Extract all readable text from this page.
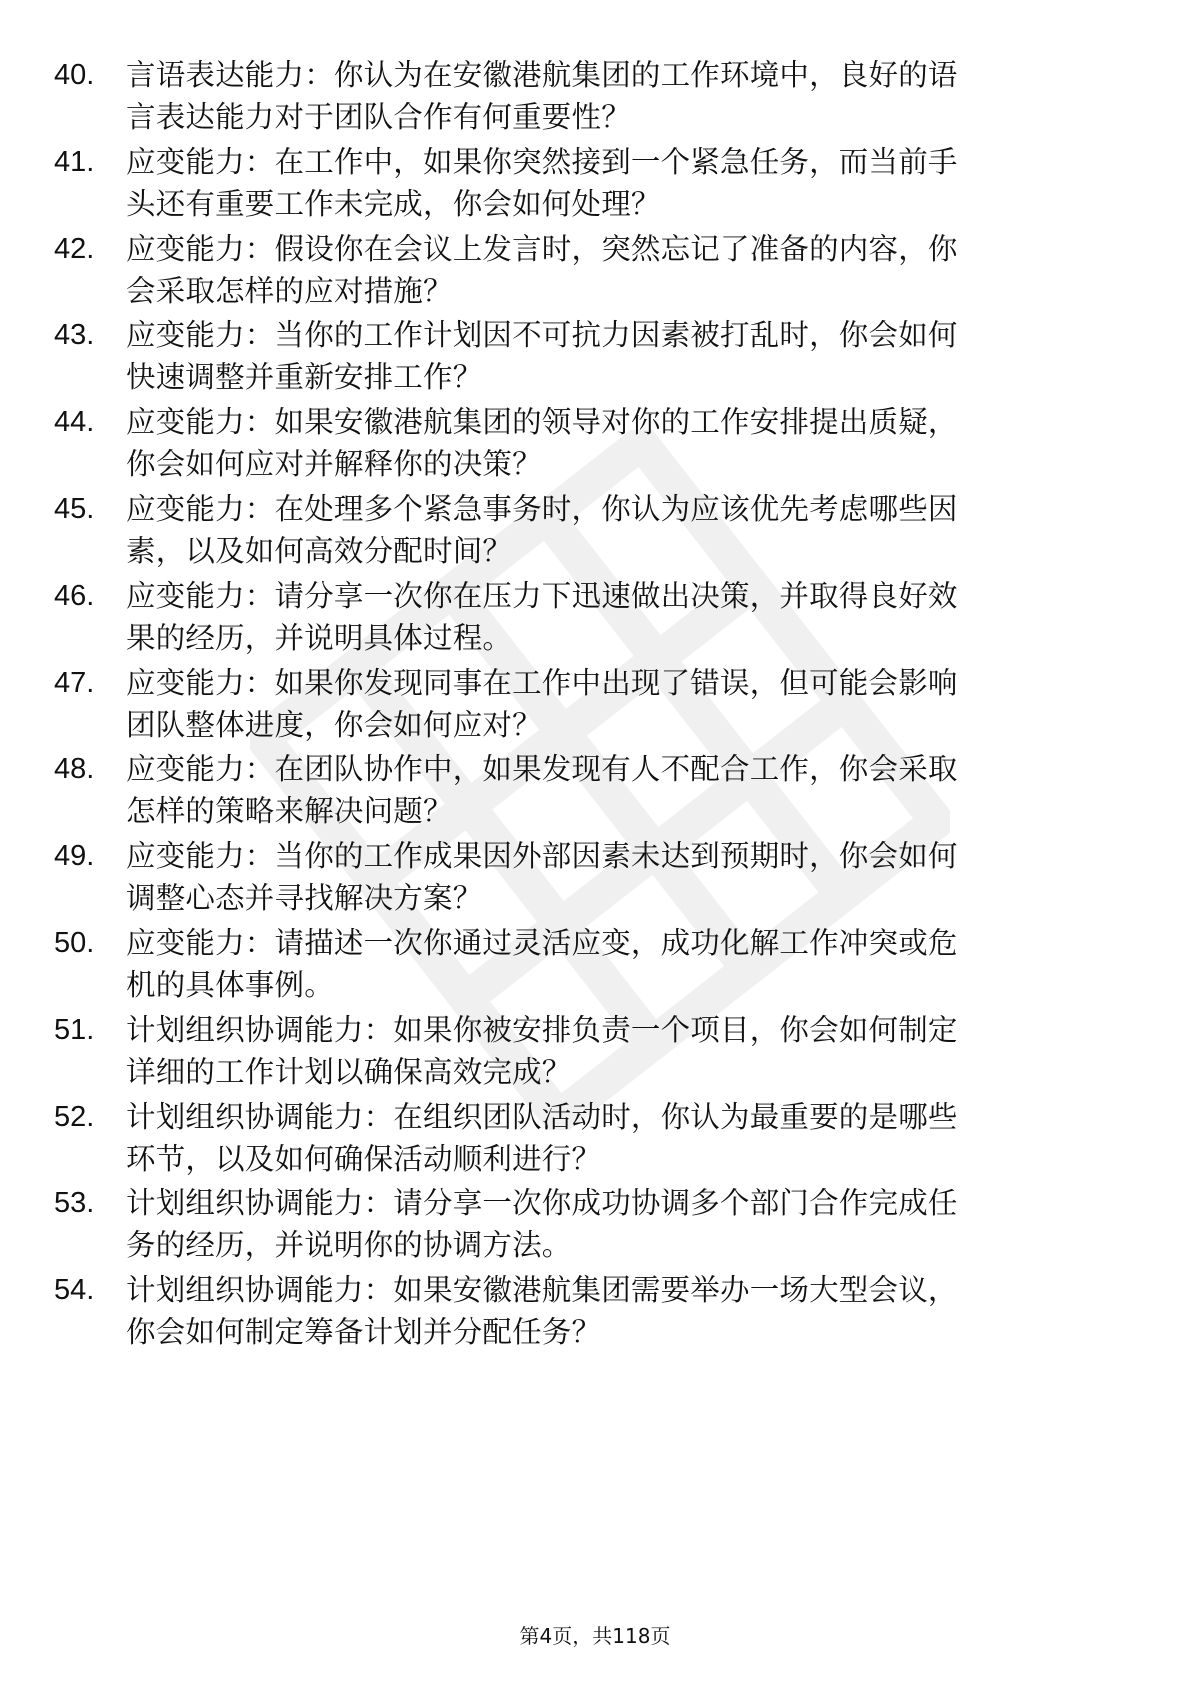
40.	言语表达能力：你认为在安徽港航集团的工作环境中，良好的语
言表达能力对于团队合作有何重要性？
41.	应变能力：在工作中，如果你突然接到一个紧急任务，而当前手
头还有重要工作未完成，你会如何处理？
42.	应变能力：假设你在会议上发言时，突然忘记了准备的内容，你
会采取怎样的应对措施？
43.	应变能力：当你的工作计划因不可抗力因素被打乱时，你会如何
快速调整并重新安排工作？
44.	应变能力：如果安徽港航集团的领导对你的工作安排提出质疑，
你会如何应对并解释你的决策？
45.	应变能力：在处理多个紧急事务时，你认为应该优先考虑哪些因
素，以及如何高效分配时间？
46.	应变能力：请分享一次你在压力下迅速做出决策，并取得良好效
果的经历，并说明具体过程。
47.	应变能力：如果你发现同事在工作中出现了错误，但可能会影响
团队整体进度，你会如何应对？
48.	应变能力：在团队协作中，如果发现有人不配合工作，你会采取
怎样的策略来解决问题？
49.	应变能力：当你的工作成果因外部因素未达到预期时，你会如何
调整心态并寻找解决方案？
50.	应变能力：请描述一次你通过灵活应变，成功化解工作冲突或危
机的具体事例。
51.	计划组织协调能力：如果你被安排负责一个项目，你会如何制定
详细的工作计划以确保高效完成？
52.	计划组织协调能力：在组织团队活动时，你认为最重要的是哪些
环节，以及如何确保活动顺利进行？
53.	计划组织协调能力：请分享一次你成功协调多个部门合作完成任
务的经历，并说明你的协调方法。
54.	计划组织协调能力：如果安徽港航集团需要举办一场大型会议，
你会如何制定筹备计划并分配任务？
第4页，共118页
